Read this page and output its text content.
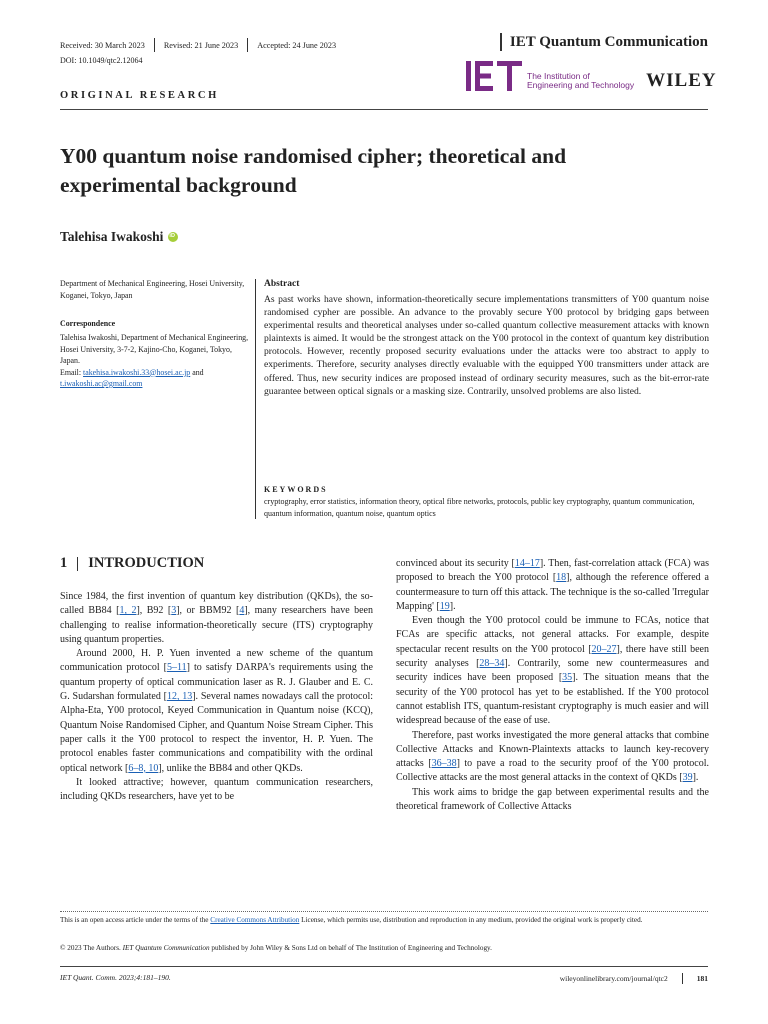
Received: 30 March 2023 Revised: 21 June 2023 Accepted: 24 June 2023	IET Quantum Communication
DOI: 10.1049/qtc2.12064
The Institution of
Engineering and Technology WILEY
ORIGINAL RESEARCH
Y00 quantum noise randomised cipher; theoretical and experimental background
Talehisa Iwakoshi
iD
Department of Mechanical Engineering, Hosei University, Koganei, Tokyo, Japan
Correspondence
Talehisa Iwakoshi, Department of Mechanical Engineering, Hosei University, 3-7-2, Kajino-Cho, Koganei, Tokyo, Japan.
Email: takehisa.iwakoshi.33@hosei.ac.jp and
t.iwakoshi.ac@gmail.com
Abstract
As past works have shown, information-theoretically secure implementations transmitters of Y00 quantum noise randomised cypher are possible. An advance to the provably secure Y00 protocol by bridging gaps between experimental results and theoretical analyses under so-called quantum collective measurement attacks with known plaintexts is aimed. It would be the strongest attack on the Y00 protocol in the context of quantum key distribution protocols. However, recently proposed security evaluations under the attacks were too abstract to apply to experiments. Therefore, security analyses directly evaluable with the equipped Y00 transmitters under attack are offered. Thus, new security indices are proposed instead of ordinary security measures, such as the bit-error-rate guarantee between optical signals or a masking size. Contrarily, unsolved problems are also listed.
KEYWORDS
cryptography, error statistics, information theory, optical fibre networks, protocols, public key cryptography, quantum communication, quantum information, quantum noise, quantum optics
1 INTRODUCTION

Since 1984, the first invention of quantum key distribution (QKDs), the so-called BB84 [1, 2], B92 [3], or BBM92 [4], many researchers have been challenging to realise information-theoretically secure (ITS) cryptography using quantum properties.

Around 2000, H. P. Yuen invented a new scheme of the quantum communication protocol [5–11] to satisfy DARPA's requirements using the quantum property of optical communication laser as R. J. Glauber and E. C. G. Sudarshan formulated [12, 13]. Several names nowadays call the protocol: Alpha-Eta, Y00 protocol, Keyed Communication in Quantum noise (KCQ), Quantum Noise Randomised Cipher, and Quantum Noise Stream Cipher. This paper calls it the Y00 protocol to respect the inventor, H. P. Yuen. The protocol enables faster communications and compatibility with the ordinal optical network [6–8, 10], unlike the BB84 and other QKDs.

It looked attractive; however, quantum communication researchers, including QKDs researchers, have yet to be

convinced about its security [14–17]. Then, fast-correlation attack (FCA) was proposed to breach the Y00 protocol [18], although the reference offered a countermeasure to turn off this attack. The technique is the so-called 'Irregular Mapping' [19].

Even though the Y00 protocol could be immune to FCAs, notice that FCAs are specific attacks, not general attacks. For example, despite spectacular recent results on the Y00 protocol [20–27], there have still been security analyses [28–34]. Contrarily, some new countermeasures and security indices have been proposed [35]. The situation means that the security of the Y00 protocol has yet to be established. If the Y00 protocol cannot establish ITS, quantum-resistant cryptography is much easier and will widespread because of the ease of use.

Therefore, past works investigated the more general attacks that combine Collective Attacks and Known-Plaintexts attacks to launch key-recovery attacks [36–38] to pave a road to the security proof of the Y00 protocol. Collective attacks are the most general attacks in the context of QKDs [39].

This work aims to bridge the gap between experimental results and the theoretical framework of Collective Attacks

This is an open access article under the terms of the Creative Commons Attribution License, which permits use, distribution and reproduction in any medium, provided the original work is properly cited.
© 2023 The Authors. IET Quantum Communication published by John Wiley & Sons Ltd on behalf of The Institution of Engineering and Technology.
IET Quant. Comm. 2023;4:181–190.	wileyonlinelibrary.com/journal/qtc2	181
